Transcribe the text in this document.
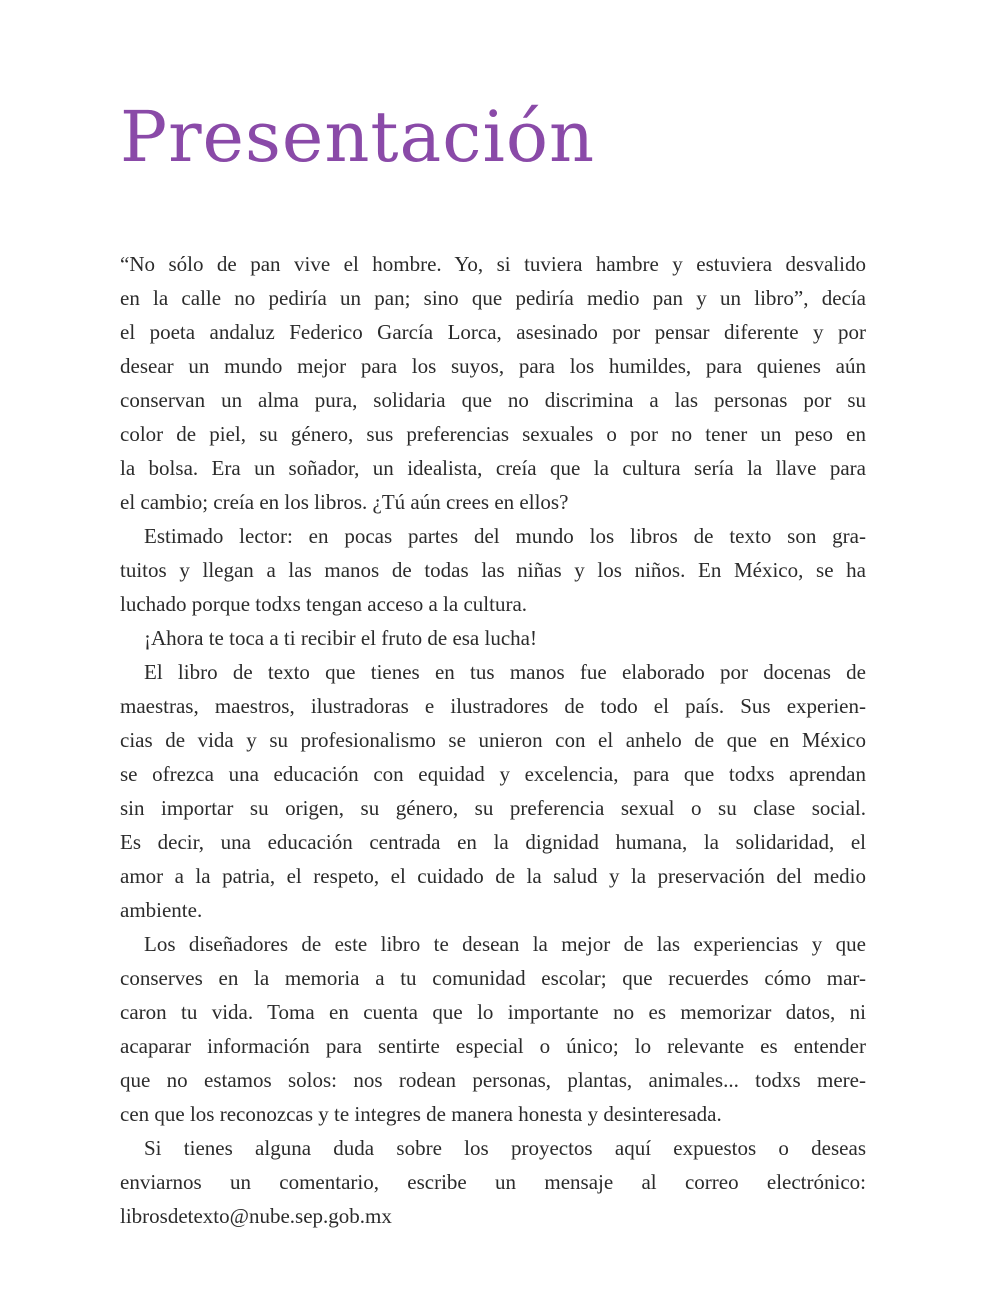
Presentación
“No sólo de pan vive el hombre. Yo, si tuviera hambre y estuviera desvalido
en la calle no pediría un pan; sino que pediría medio pan y un libro”, decía
el poeta andaluz Federico García Lorca, asesinado por pensar diferente y por
desear un mundo mejor para los suyos, para los humildes, para quienes aún
conservan un alma pura, solidaria que no discrimina a las personas por su
color de piel, su género, sus preferencias sexuales o por no tener un peso en
la bolsa. Era un soñador, un idealista, creía que la cultura sería la llave para
el cambio; creía en los libros. ¿Tú aún crees en ellos?
Estimado lector: en pocas partes del mundo los libros de texto son gra-
tuitos y llegan a las manos de todas las niñas y los niños. En México, se ha
luchado porque todxs tengan acceso a la cultura.
¡Ahora te toca a ti recibir el fruto de esa lucha!
El libro de texto que tienes en tus manos fue elaborado por docenas de
maestras, maestros, ilustradoras e ilustradores de todo el país. Sus experien-
cias de vida y su profesionalismo se unieron con el anhelo de que en México
se ofrezca una educación con equidad y excelencia, para que todxs aprendan
sin importar su origen, su género, su preferencia sexual o su clase social.
Es decir, una educación centrada en la dignidad humana, la solidaridad, el
amor a la patria, el respeto, el cuidado de la salud y la preservación del medio
ambiente.
Los diseñadores de este libro te desean la mejor de las experiencias y que
conserves en la memoria a tu comunidad escolar; que recuerdes cómo mar-
caron tu vida. Toma en cuenta que lo importante no es memorizar datos, ni
acaparar información para sentirte especial o único; lo relevante es entender
que no estamos solos: nos rodean personas, plantas, animales... todxs mere-
cen que los reconozcas y te integres de manera honesta y desinteresada.
Si tienes alguna duda sobre los proyectos aquí expuestos o deseas
enviarnos un comentario, escribe un mensaje al correo electrónico:
librosdetexto@nube.sep.gob.mx
